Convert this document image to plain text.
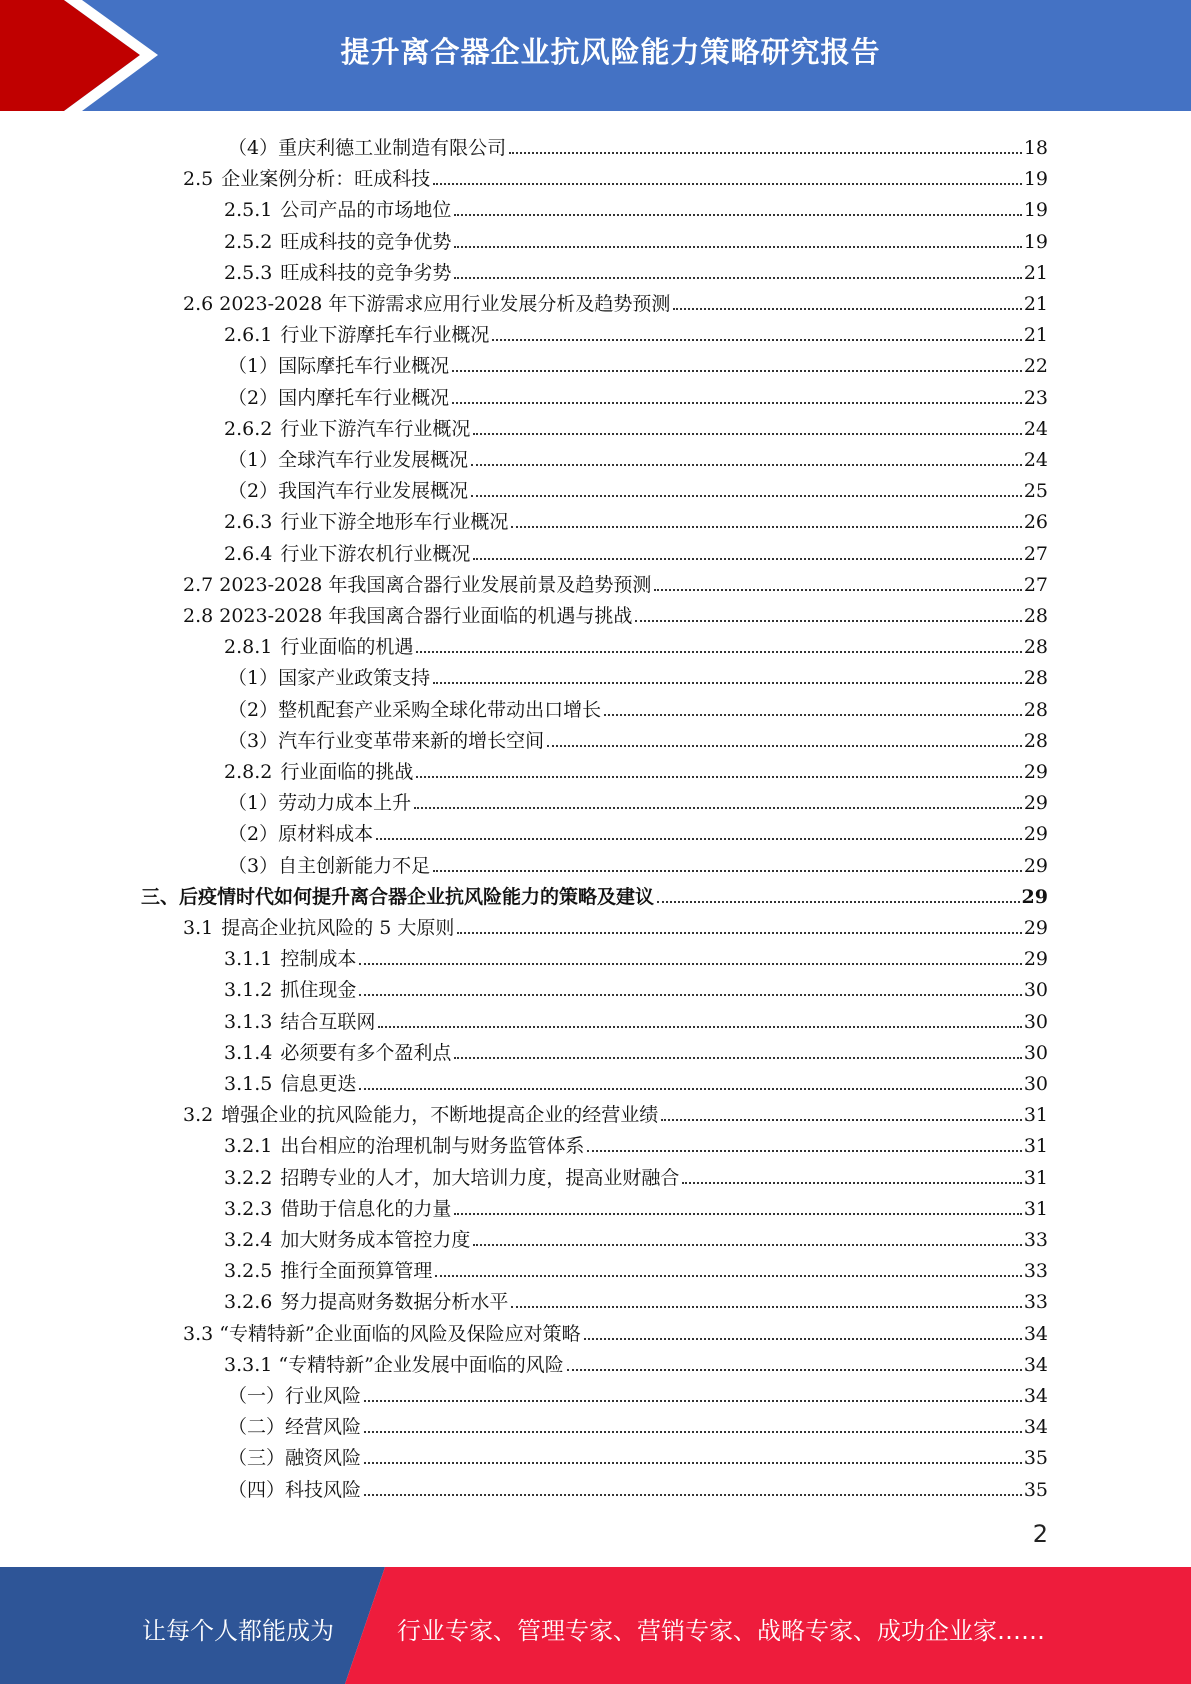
提升离合器企业抗风险能力策略研究报告
（4）重庆利德工业制造有限公司	18
2.5 企业案例分析：旺成科技	19
2.5.1 公司产品的市场地位	19
2.5.2 旺成科技的竞争优势	19
2.5.3 旺成科技的竞争劣势	21
2.6 2023-2028 年下游需求应用行业发展分析及趋势预测	21
2.6.1 行业下游摩托车行业概况	21
（1）国际摩托车行业概况	22
（2）国内摩托车行业概况	23
2.6.2 行业下游汽车行业概况	24
（1）全球汽车行业发展概况	24
（2）我国汽车行业发展概况	25
2.6.3 行业下游全地形车行业概况	26
2.6.4 行业下游农机行业概况	27
2.7 2023-2028 年我国离合器行业发展前景及趋势预测	27
2.8 2023-2028 年我国离合器行业面临的机遇与挑战	28
2.8.1 行业面临的机遇	28
（1）国家产业政策支持	28
（2）整机配套产业采购全球化带动出口增长	28
（3）汽车行业变革带来新的增长空间	28
2.8.2 行业面临的挑战	29
（1）劳动力成本上升	29
（2）原材料成本	29
（3）自主创新能力不足	29
三、后疫情时代如何提升离合器企业抗风险能力的策略及建议	29
3.1 提高企业抗风险的 5 大原则	29
3.1.1 控制成本	29
3.1.2 抓住现金	30
3.1.3 结合互联网	30
3.1.4 必须要有多个盈利点	30
3.1.5 信息更迭	30
3.2 增强企业的抗风险能力，不断地提高企业的经营业绩	31
3.2.1 出台相应的治理机制与财务监管体系	31
3.2.2 招聘专业的人才，加大培训力度，提高业财融合	31
3.2.3 借助于信息化的力量	31
3.2.4 加大财务成本管控力度	33
3.2.5 推行全面预算管理	33
3.2.6 努力提高财务数据分析水平	33
3.3 “专精特新”企业面临的风险及保险应对策略	34
3.3.1 “专精特新”企业发展中面临的风险	34
（一）行业风险	34
（二）经营风险	34
（三）融资风险	35
（四）科技风险	35
2
让每个人都能成为	行业专家、管理专家、营销专家、战略专家、成功企业家……
